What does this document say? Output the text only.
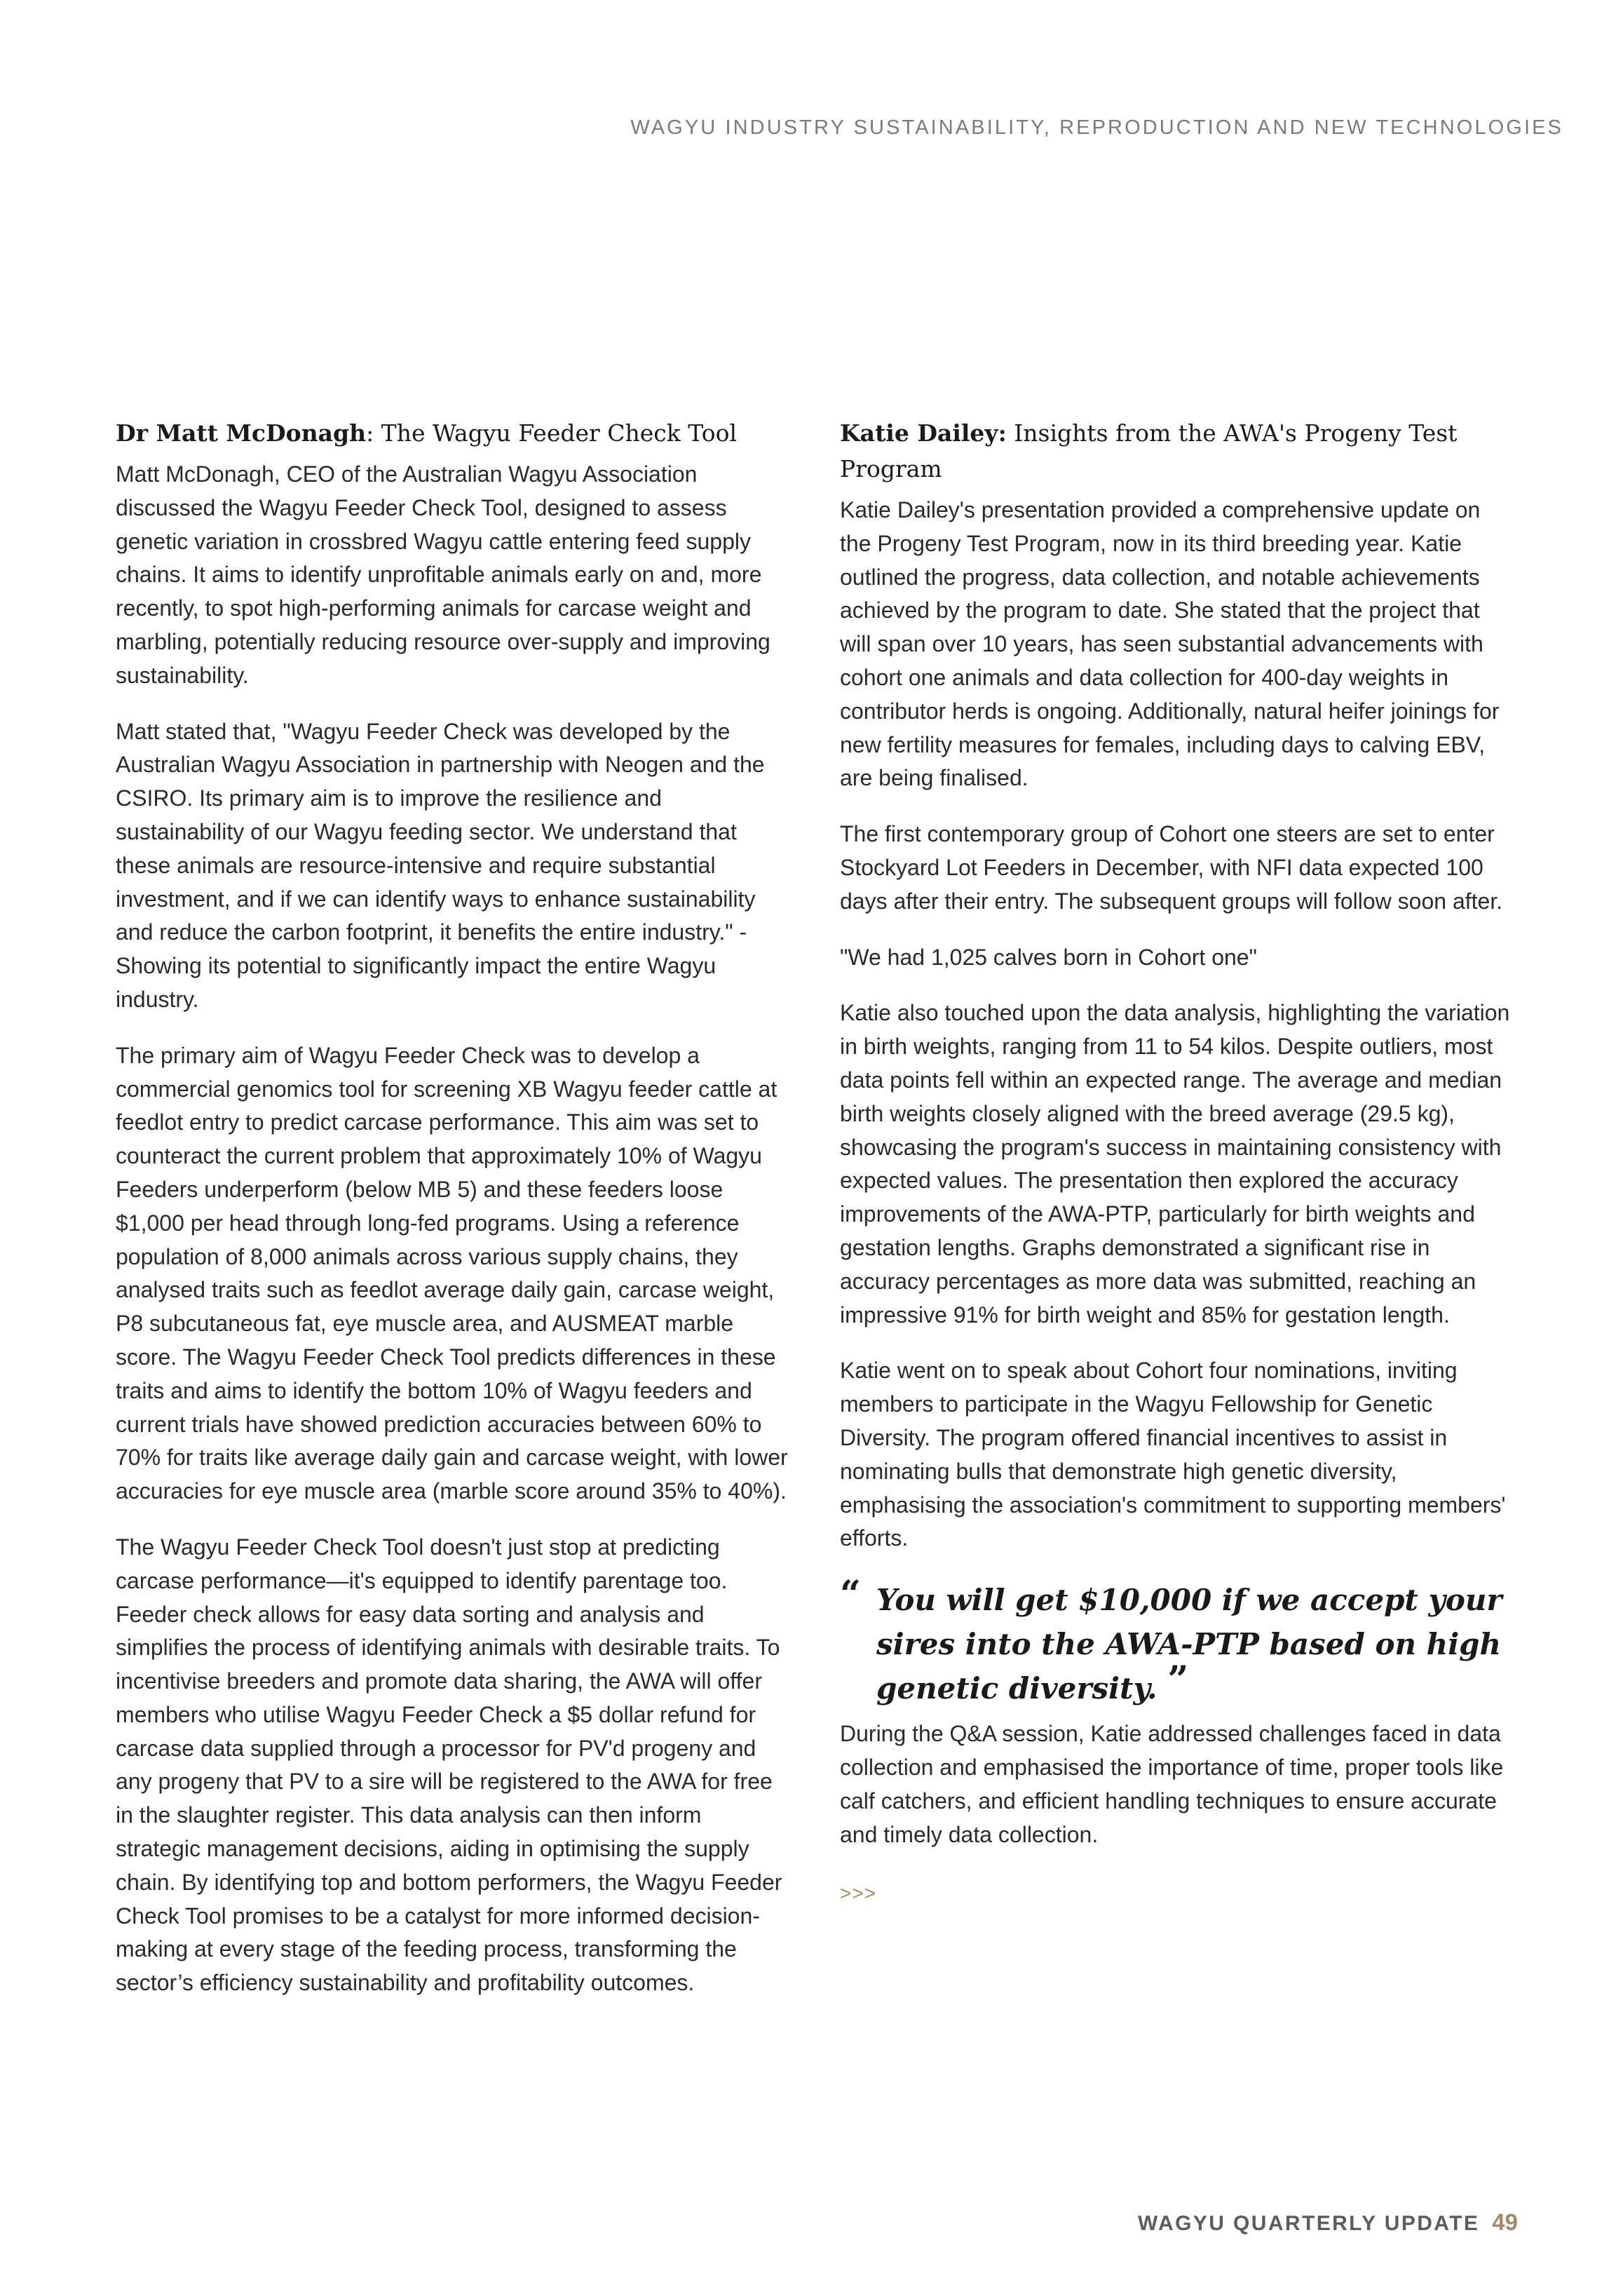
WAGYU INDUSTRY SUSTAINABILITY, REPRODUCTION AND NEW TECHNOLOGIES
Dr Matt McDonagh: The Wagyu Feeder Check Tool

Matt McDonagh, CEO of the Australian Wagyu Association discussed the Wagyu Feeder Check Tool, designed to assess genetic variation in crossbred Wagyu cattle entering feed supply chains. It aims to identify unprofitable animals early on and, more recently, to spot high-performing animals for carcase weight and marbling, potentially reducing resource over-supply and improving sustainability.

Matt stated that, "Wagyu Feeder Check was developed by the Australian Wagyu Association in partnership with Neogen and the CSIRO. Its primary aim is to improve the resilience and sustainability of our Wagyu feeding sector. We understand that these animals are resource-intensive and require substantial investment, and if we can identify ways to enhance sustainability and reduce the carbon footprint, it benefits the entire industry." - Showing its potential to significantly impact the entire Wagyu industry.

The primary aim of Wagyu Feeder Check was to develop a commercial genomics tool for screening XB Wagyu feeder cattle at feedlot entry to predict carcase performance. This aim was set to counteract the current problem that approximately 10% of Wagyu Feeders underperform (below MB 5) and these feeders loose $1,000 per head through long-fed programs. Using a reference population of 8,000 animals across various supply chains, they analysed traits such as feedlot average daily gain, carcase weight, P8 subcutaneous fat, eye muscle area, and AUSMEAT marble score. The Wagyu Feeder Check Tool predicts differences in these traits and aims to identify the bottom 10% of Wagyu feeders and current trials have showed prediction accuracies between 60% to 70% for traits like average daily gain and carcase weight, with lower accuracies for eye muscle area (marble score around 35% to 40%).

The Wagyu Feeder Check Tool doesn't just stop at predicting carcase performance—it's equipped to identify parentage too. Feeder check allows for easy data sorting and analysis and simplifies the process of identifying animals with desirable traits. To incentivise breeders and promote data sharing, the AWA will offer members who utilise Wagyu Feeder Check a $5 dollar refund for carcase data supplied through a processor for PV'd progeny and any progeny that PV to a sire will be registered to the AWA for free in the slaughter register. This data analysis can then inform strategic management decisions, aiding in optimising the supply chain. By identifying top and bottom performers, the Wagyu Feeder Check Tool promises to be a catalyst for more informed decision-making at every stage of the feeding process, transforming the sector’s efficiency sustainability and profitability outcomes.

Katie Dailey: Insights from the AWA's Progeny Test Program

Katie Dailey's presentation provided a comprehensive update on the Progeny Test Program, now in its third breeding year. Katie outlined the progress, data collection, and notable achievements achieved by the program to date. She stated that the project that will span over 10 years, has seen substantial advancements with cohort one animals and data collection for 400-day weights in contributor herds is ongoing. Additionally, natural heifer joinings for new fertility measures for females, including days to calving EBV, are being finalised.

The first contemporary group of Cohort one steers are set to enter Stockyard Lot Feeders in December, with NFI data expected 100 days after their entry. The subsequent groups will follow soon after.

"We had 1,025 calves born in Cohort one"

Katie also touched upon the data analysis, highlighting the variation in birth weights, ranging from 11 to 54 kilos. Despite outliers, most data points fell within an expected range. The average and median birth weights closely aligned with the breed average (29.5 kg), showcasing the program's success in maintaining consistency with expected values. The presentation then explored the accuracy improvements of the AWA-PTP, particularly for birth weights and gestation lengths. Graphs demonstrated a significant rise in accuracy percentages as more data was submitted, reaching an impressive 91% for birth weight and 85% for gestation length.

Katie went on to speak about Cohort four nominations, inviting members to participate in the Wagyu Fellowship for Genetic Diversity. The program offered financial incentives to assist in nominating bulls that demonstrate high genetic diversity, emphasising the association's commitment to supporting members' efforts.

“ You will get $10,000 if we accept your sires into the AWA-PTP based on high genetic diversity. ”

During the Q&A session, Katie addressed challenges faced in data collection and emphasised the importance of time, proper tools like calf catchers, and efficient handling techniques to ensure accurate and timely data collection.

>>>
WAGYU QUARTERLY UPDATE 49
